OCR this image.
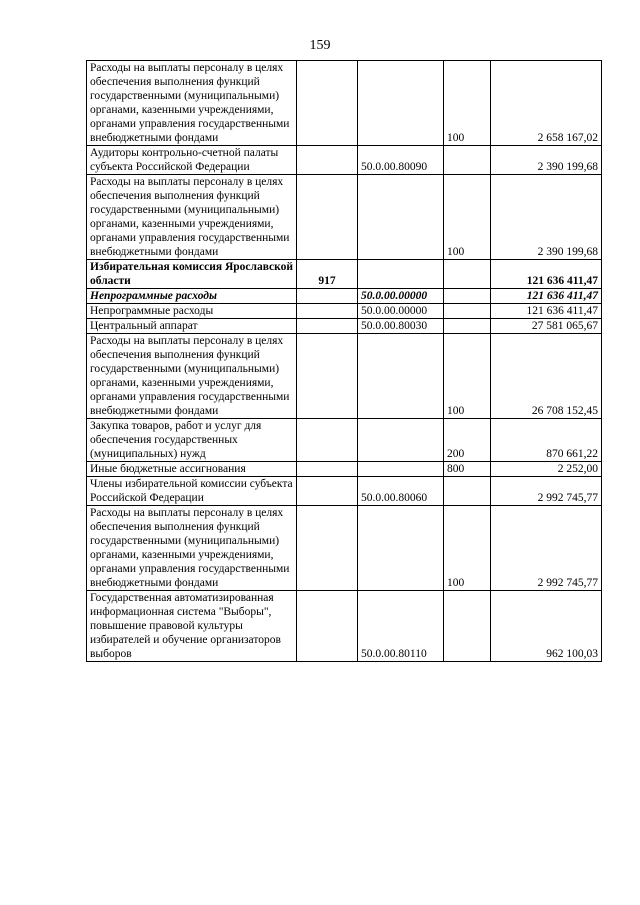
159
Расходы на выплаты персоналу в целях обеспечения выполнения функций государственными (муниципальными) органами, казенными учреждениями, органами управления государственными внебюджетными фондами			100	2 658 167,02
Аудиторы контрольно-счетной палаты субъекта Российской Федерации		50.0.00.80090		2 390 199,68
Расходы на выплаты персоналу в целях обеспечения выполнения функций государственными (муниципальными) органами, казенными учреждениями, органами управления государственными внебюджетными фондами			100	2 390 199,68
Избирательная комиссия Ярославской области	917			121 636 411,47
Непрограммные расходы		50.0.00.00000		121 636 411,47
Непрограммные расходы		50.0.00.00000		121 636 411,47
Центральный аппарат		50.0.00.80030		27 581 065,67
Расходы на выплаты персоналу в целях обеспечения выполнения функций государственными (муниципальными) органами, казенными учреждениями, органами управления государственными внебюджетными фондами			100	26 708 152,45
Закупка товаров, работ и услуг для обеспечения государственных (муниципальных) нужд			200	870 661,22
Иные бюджетные ассигнования			800	2 252,00
Члены избирательной комиссии субъекта Российской Федерации		50.0.00.80060		2 992 745,77
Расходы на выплаты персоналу в целях обеспечения выполнения функций государственными (муниципальными) органами, казенными учреждениями, органами управления государственными внебюджетными фондами			100	2 992 745,77
Государственная автоматизированная информационная система "Выборы", повышение правовой культуры избирателей и обучение организаторов выборов		50.0.00.80110		962 100,03
